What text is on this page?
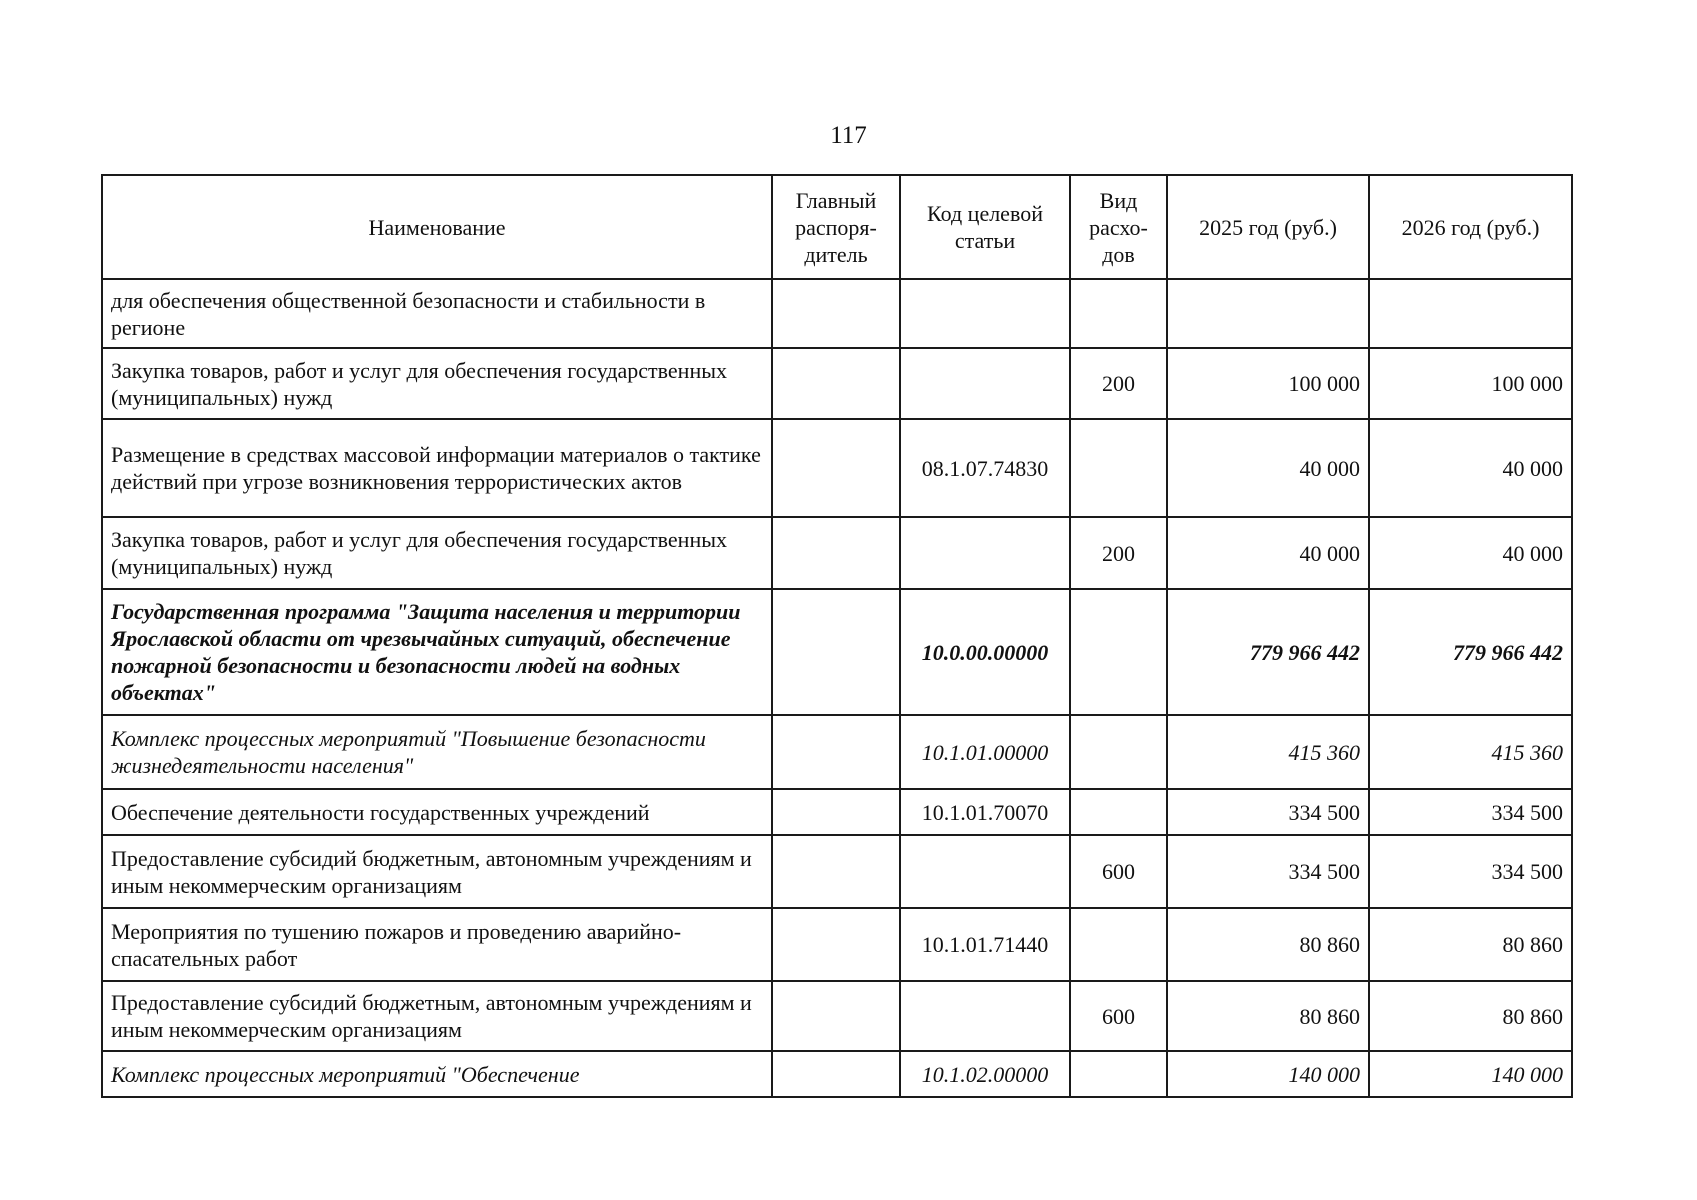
117
Наименование	Главный распоря-дитель	Код целевой статьи	Вид расхо-дов	2025 год (руб.)	2026 год (руб.)
для обеспечения общественной безопасности и стабильности в регионе					
Закупка товаров, работ и услуг для обеспечения государственных (муниципальных) нужд			200	100 000	100 000
Размещение в средствах массовой информации материалов о тактике действий при угрозе возникновения террористических актов		08.1.07.74830		40 000	40 000
Закупка товаров, работ и услуг для обеспечения государственных (муниципальных) нужд			200	40 000	40 000
Государственная программа "Защита населения и территории Ярославской области от чрезвычайных ситуаций, обеспечение пожарной безопасности и безопасности людей на водных объектах"		10.0.00.00000		779 966 442	779 966 442
Комплекс процессных мероприятий "Повышение безопасности жизнедеятельности населения"		10.1.01.00000		415 360	415 360
Обеспечение деятельности государственных учреждений		10.1.01.70070		334 500	334 500
Предоставление субсидий бюджетным, автономным учреждениям и иным некоммерческим организациям			600	334 500	334 500
Мероприятия по тушению пожаров и проведению аварийно-спасательных работ		10.1.01.71440		80 860	80 860
Предоставление субсидий бюджетным, автономным учреждениям и иным некоммерческим организациям			600	80 860	80 860
Комплекс процессных мероприятий "Обеспечение		10.1.02.00000		140 000	140 000
